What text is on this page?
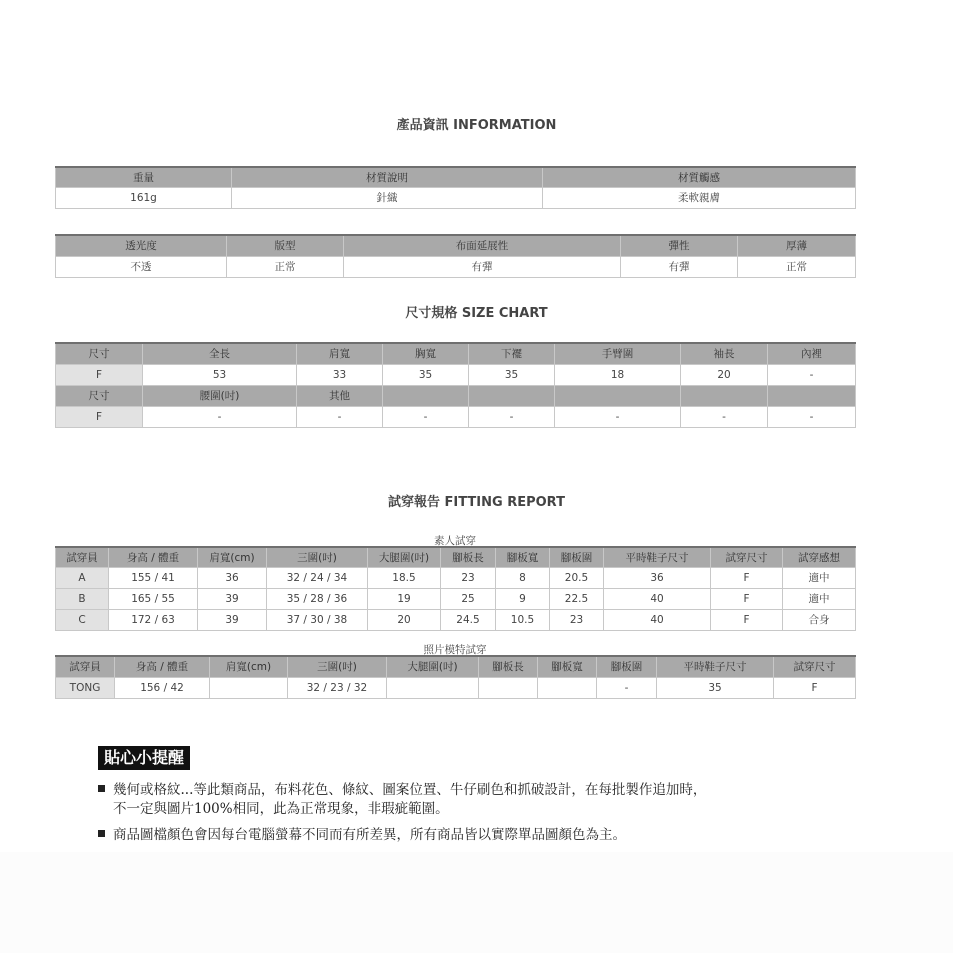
產品資訊 INFORMATION
重量	材質說明	材質觸感
161g	針織	柔軟親膚
透光度	版型	布面延展性	彈性	厚薄
不透	正常	有彈	有彈	正常
尺寸規格 SIZE CHART
尺寸	全長	肩寬	胸寬	下襬	手臂圍	袖長	內裡
F	53	33	35	35	18	20	-
尺寸	腰圍(吋)	其他					
F	-	-	-	-	-	-	-
試穿報告 FITTING REPORT
素人試穿
試穿員	身高 / 體重	肩寬(cm)	三圍(吋)	大腿圍(吋)	腳板長	腳板寬	腳板圍	平時鞋子尺寸	試穿尺寸	試穿感想
A	155 / 41	36	32 / 24 / 34	18.5	23	8	20.5	36	F	適中
B	165 / 55	39	35 / 28 / 36	19	25	9	22.5	40	F	適中
C	172 / 63	39	37 / 30 / 38	20	24.5	10.5	23	40	F	合身
照片模特試穿
試穿員	身高 / 體重	肩寬(cm)	三圍(吋)	大腿圍(吋)	腳板長	腳板寬	腳板圍	平時鞋子尺寸	試穿尺寸
TONG	156 / 42		32 / 23 / 32				-	35	F
貼心小提醒
幾何或格紋...等此類商品，布料花色、條紋、圖案位置、牛仔刷色和抓破設計，在每批製作追加時，
不一定與圖片100%相同，此為正常現象，非瑕疵範圍。
商品圖檔顏色會因每台電腦螢幕不同而有所差異，所有商品皆以實際單品圖顏色為主。
